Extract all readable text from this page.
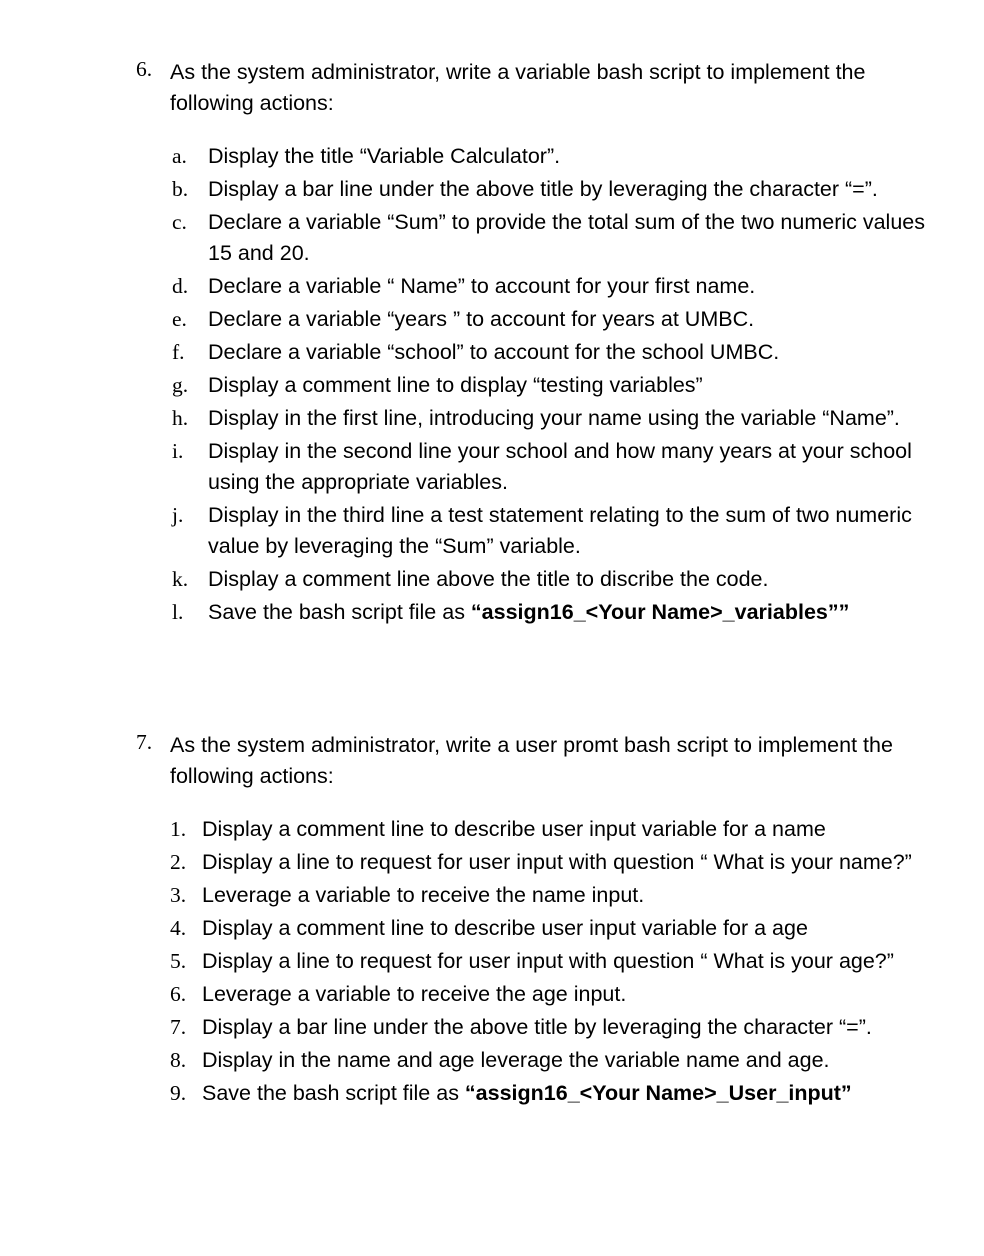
6. As the system administrator, write a variable bash script to implement the following actions:
a. Display the title “Variable Calculator”.
b. Display a bar line under the above title by leveraging the character “=”.
c. Declare a variable “Sum” to provide the total sum of the two numeric values 15 and 20.
d. Declare a variable “ Name” to account for your first name.
e. Declare a variable “years ” to account for years at UMBC.
f. Declare a variable “school” to account for the school UMBC.
g. Display a comment line to display “testing variables”
h. Display in the first line, introducing your name using the variable “Name”.
i. Display in the second line your school and how many years at your school using the appropriate variables.
j. Display in the third line a test statement relating to the sum of two numeric value by leveraging the “Sum” variable.
k. Display a comment line above the title to discribe the code.
l. Save the bash script file as “assign16_<Your Name>_variables””
7. As the system administrator, write a user promt bash script to implement the following actions:
1. Display a comment line to describe user input variable for a name
2. Display a line to request for user input with question “ What is your name?”
3. Leverage a variable to receive the name input.
4. Display a comment line to describe user input variable for a age
5. Display a line to request for user input with question “ What is your age?”
6. Leverage a variable to receive the age input.
7. Display a bar line under the above title by leveraging the character “=”.
8. Display in the name and age leverage the variable name and age.
9. Save the bash script file as “assign16_<Your Name>_User_input”
